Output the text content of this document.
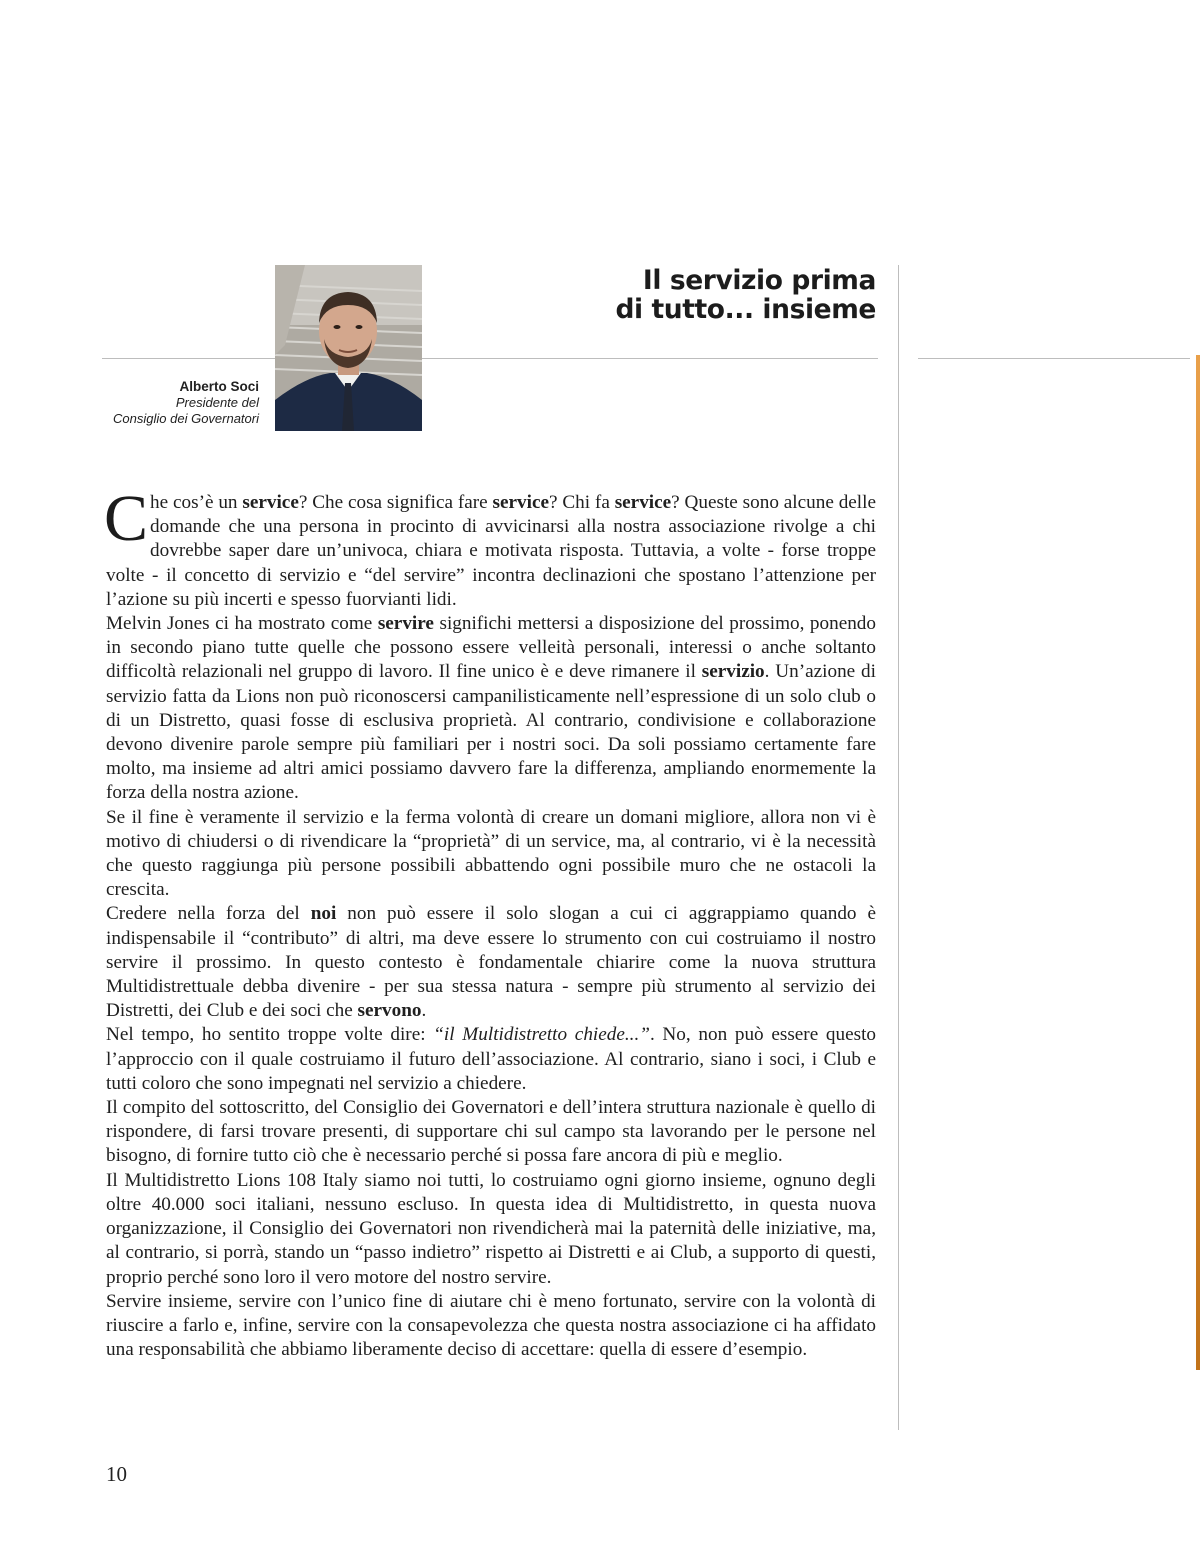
Il servizio prima
di tutto... insieme
Alberto Soci
Presidente del
Consiglio dei Governatori

Che cos’è un service? Che cosa significa fare service? Chi fa service? Queste sono alcune delle domande che una persona in procinto di avvicinarsi alla nostra associazione rivolge a chi dovrebbe saper dare un’univoca, chiara e motivata risposta. Tuttavia, a volte - forse troppe volte - il concetto di servizio e “del servire” incontra declinazioni che spostano l’attenzione per l’azione su più incerti e spesso fuorvianti lidi.

Melvin Jones ci ha mostrato come servire significhi mettersi a disposizione del prossimo, ponendo in secondo piano tutte quelle che possono essere velleità personali, interessi o anche soltanto difficoltà relazionali nel gruppo di lavoro. Il fine unico è e deve rimanere il servizio. Un’azione di servizio fatta da Lions non può riconoscersi campanilisticamente nell’espressione di un solo club o di un Distretto, quasi fosse di esclusiva proprietà. Al contrario, condivisione e collaborazione devono divenire parole sempre più familiari per i nostri soci. Da soli possiamo certamente fare molto, ma insieme ad altri amici possiamo davvero fare la differenza, ampliando enormemente la forza della nostra azione.

Se il fine è veramente il servizio e la ferma volontà di creare un domani migliore, allora non vi è motivo di chiudersi o di rivendicare la “proprietà” di un service, ma, al contrario, vi è la necessità che questo raggiunga più persone possibili abbattendo ogni possibile muro che ne ostacoli la crescita.

Credere nella forza del noi non può essere il solo slogan a cui ci aggrappiamo quando è indispensabile il “contributo” di altri, ma deve essere lo strumento con cui costruiamo il nostro servire il prossimo. In questo contesto è fondamentale chiarire come la nuova struttura Multidistrettuale debba divenire - per sua stessa natura - sempre più strumento al servizio dei Distretti, dei Club e dei soci che servono.

Nel tempo, ho sentito troppe volte dire: “il Multidistretto chiede...”. No, non può essere questo l’approccio con il quale costruiamo il futuro dell’associazione. Al contrario, siano i soci, i Club e tutti coloro che sono impegnati nel servizio a chiedere.

Il compito del sottoscritto, del Consiglio dei Governatori e dell’intera struttura nazionale è quello di rispondere, di farsi trovare presenti, di supportare chi sul campo sta lavorando per le persone nel bisogno, di fornire tutto ciò che è necessario perché si possa fare ancora di più e meglio.

Il Multidistretto Lions 108 Italy siamo noi tutti, lo costruiamo ogni giorno insieme, ognuno degli oltre 40.000 soci italiani, nessuno escluso. In questa idea di Multidistretto, in questa nuova organizzazione, il Consiglio dei Governatori non rivendicherà mai la paternità delle iniziative, ma, al contrario, si porrà, stando un “passo indietro” rispetto ai Distretti e ai Club, a supporto di questi, proprio perché sono loro il vero motore del nostro servire.

Servire insieme, servire con l’unico fine di aiutare chi è meno fortunato, servire con la volontà di riuscire a farlo e, infine, servire con la consapevolezza che questa nostra associazione ci ha affidato una responsabilità che abbiamo liberamente deciso di accettare: quella di essere d’esempio.

10
